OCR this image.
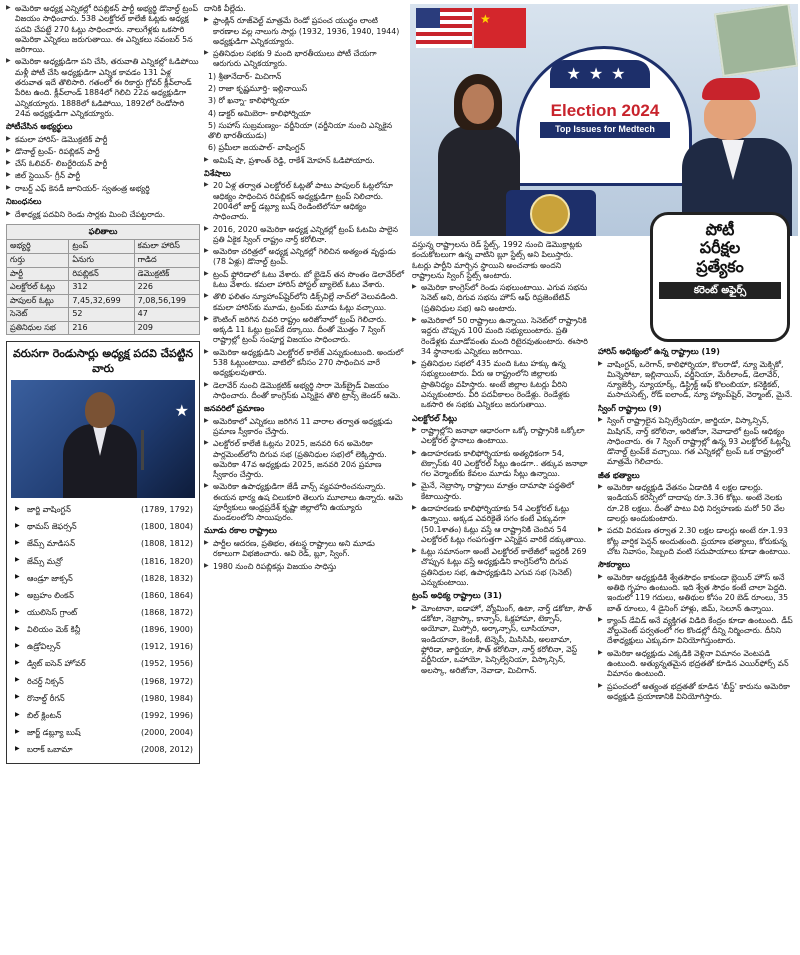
▶ అమెరికా అధ్యక్ష ఎన్నికల్లో రిపబ్లికన్ పార్టీ అభ్యర్థి డొనాల్డ్ ట్రంప్ విజయం సాధించారు. 538 ఎలక్టోరల్ కాలేజీ ఓట్లకు అధ్యక్ష పదవి చేపట్టే 270 ఓట్లు సాధించారు. నాలుగేళ్లకు ఒకసారి అమెరికా ఎన్నికలు జరుగుతాయి. ఈ ఎన్నికలు నవంబర్ 5న జరిగాయి.
▶ అమెరికా అధ్యక్షుడిగా పని చేసి, తరువాతి ఎన్నికల్లో ఓడిపోయి మళ్లీ పోటీ చేసి అధ్యక్షుడిగా ఎన్నిక కావడం 131 ఏళ్ల తరువాత ఇదే తొలిసారి. గతంలో ఈ రికార్డు గ్రోవర్ క్లీవ్‌లాండ్ పేరిట ఉంది. క్లీవ్‌లాండ్ 1884లో గెలిచి 22వ అధ్యక్షుడిగా ఎన్నికయ్యారు. 1888లో ఓడిపోయి, 1892లో రెండోసారి 24వ అధ్యక్షుడిగా ఎన్నికయ్యారు.
పోటీచేసిన అభ్యర్థులు
▶ కమలా హారిస్- డెమొక్రటిక్ పార్టీ
▶ డొనాల్డ్ ట్రంప్- రిపబ్లికన్ పార్టీ
▶ చేస్ ఓలివర్- లిబర్టేరియన్ పార్టీ
▶ జిల్ స్టెయిన్- గ్రీన్ పార్టీ
▶ రాబర్ట్ ఎఫ్ కెనడీ జూనియర్- స్వతంత్ర అభ్యర్థి
నిబంధనలు
▶ దేశాధ్యక్ష పదవిని రెండు సార్లకు మించి చేపట్టరాదు.
ఫలితాలు
అభ్యర్థి	ట్రంప్	కమలా హారిస్
గుర్తు	ఏనుగు	గాడిద
పార్టీ	రిపబ్లికన్	డెమొక్రటిక్
ఎలక్టోరల్ ఓట్లు	312	226
పాపులర్ ఓట్లు	7,45,32,699	7,08,56,199
సెనెట్	52	47
ప్రతినిధుల సభ	216	209
వరుసగా రెండుసార్లు అధ్యక్ష పదవి చేపట్టిన వారు
★
▶ జార్జి వాషింగ్టన్	(1789, 1792)
▶ థామస్ జెఫర్సన్	(1800, 1804)
▶ జేమ్స్ మాడిసన్	(1808, 1812)
▶ జేమ్స్ మన్రో	(1816, 1820)
▶ ఆండ్రూ జాక్సన్	(1828, 1832)
▶ అబ్రహం లింకన్	(1860, 1864)
▶ యులిసెస్ గ్రాంట్	(1868, 1872)
▶ విలియం మెక్ కిన్లీ	(1896, 1900)
▶ ఉడ్రోవిల్సన్	(1912, 1916)
▶ డ్విట్ ఐసెన్ హోవర్	(1952, 1956)
▶ రిచర్డ్ నిక్సన్	(1968, 1972)
▶ రొనాల్డ్ రీగన్	(1980, 1984)
▶ బిల్ క్లింటన్	(1992, 1996)
▶ జార్జ్ డబ్ల్యూ బుష్	(2000, 2004)
▶ బరాక్ ఒబామా	(2008, 2012)

దానికి వీల్లేదు.

▶ ఫ్రాంక్లిన్ రూజ్‌వెల్ట్ మాత్రమే రెండో ప్రపంచ యుద్ధం లాంటి కారణాల వల్ల నాలుగు సార్లు (1932, 1936, 1940, 1944) అధ్యక్షుడిగా ఎన్నికయ్యారు.
▶ ప్రతినిధుల సభకు 9 మంది భారతీయులు పోటీ చేయగా ఆరుగురు ఎన్నికయ్యారు.
1) శ్రీ‌తానేదార్- మిచిగాన్
2) రాజా కృష్ణమూర్తి- ఇల్లినాయిస్
3) రో ఖన్నా- కాలిఫోర్నియా
4) డాక్టర్ అమిబెరా- కాలిఫోర్నియా
5) సుహాస్ సుబ్రమణ్యం- వర్జీనియా (వర్జీనియా నుంచి ఎన్నికైన తొలి భారతీయుడు)
6) ప్రమీలా జయపాల్- వాషింగ్టన్
▶ అమిష్ షా, ప్రశాంత్ రెడ్డి, రాకేశ్ మోహన్ ఓడిపోయారు.
విశేషాలు
▶ 20 ఏళ్ల తర్వాత ఎలక్టోరల్ ఓట్లతో పాటు పాపులర్ ఓట్లలోనూ ఆధిక్యం సాధించిన రిపబ్లికన్ అధ్యక్షుడిగా ట్రంప్ నిలిచారు. 2004లో జార్జ్ డబ్ల్యూ బుష్ రెండింటిలోనూ ఆధిక్యం సాధించారు.
▶ 2016, 2020 అమెరికా అధ్యక్ష ఎన్నికల్లో ట్రంప్ ఓటమి పాలైన ప్రతి ఏకైక స్వింగ్ రాష్ట్రం నార్త్ కరోలినా.
▶ అమెరికా చరిత్రలో అధ్యక్ష ఎన్నికల్లో గెలిచిన అత్యంత వృద్ధుడు (78 ఏళ్లు) డొనాల్డ్ ట్రంప్.
▶ ట్రంప్ ఫ్లోరిడాలో ఓటు వేశారు. బో బైడెన్ తన సొంతం డెలావేర్‌లో ఓటు వేశారు. కమలా హారిస్ పోస్టల్ బ్యాలెట్ ఓటు వేశారు.
▶ తొలి ఫలితం న్యూహాంప్‌షైర్‌లోని డిక్స్‌విల్లే నాచ్‌లో వెలువడింది. కమలా హారిస్‌కు మూడు, ట్రంప్‌కు మూడు ఓట్లు వచ్చాయి.
▶ కౌంటింగ్ జరిగిన చివరి రాష్ట్రం అరిజోనాలో ట్రంప్ గెలిచారు. అక్కడి 11 ఓట్లు ట్రంప్‌కే దక్కాయి. దీంతో మొత్తం 7 స్వింగ్ రాష్ట్రాల్లో ట్రంప్ సంపూర్ణ విజయం సాధించారు.
▶ అమెరికా అధ్యక్షుడిని ఎలక్టోరల్ కాలేజ్ ఎన్నుకుంటుంది. అందులో 538 ఓట్లుంటాయి. వాటిలో కనీసం 270 సాధించిన వారే అధ్యక్షులవుతారు.
▶ డెలావేర్ నుంచి డెమొక్రటిక్ అభ్యర్థి సారా మెక్‌బ్రైడ్ విజయం సాధించారు. దీంతో కాంగ్రెస్‌కు ఎన్నికైన తొలి ట్రాన్స్ జెండర్ ఆమె.
జనవరిలో ప్రమాణం
▶ అమెరికాలో ఎన్నికలు జరిగిన 11 వారాల తర్వాత అధ్యక్షుడు ప్రమాణ స్వీకారం చేస్తారు.
▶ ఎలక్టోరల్ కాలేజీ ఓట్లను 2025, జనవరి 6న అమెరికా పార్లమెంట్‌లోని దిగువ సభ (ప్రతినిధుల సభ)లో లెక్కిస్తారు. అమెరికా 47వ అధ్యక్షుడు 2025, జనవరి 20న ప్రమాణ స్వీకారం చేస్తారు.
▶ అమెరికా ఉపాధ్యక్షుడిగా జేడీ వాన్స్ వ్యవహరించనున్నారు. ఈయన భార్య ఉష చిలుకూరి తెలుగు మూలాలు ఉన్నారు. ఆమె పూర్వీకులు ఆంధ్రప్రదేశ్ కృష్ణా జిల్లాలోని ఉయ్యూరు మండలంలోని సాయిపురం.
మూడు రకాల రాష్ట్రాలు
▶ పార్టీల ఆదరణ, ప్రతిభల, తటస్థ రాష్ట్రాలు అని మూడు రకాలుగా విభజించారు. అవి రెడ్, బ్లూ, స్వింగ్.
▶ 1980 నుంచి రిపబ్లికన్లు విజయం సాధిస్తు
★
★★★
Election 2024
Top Issues for Medtech
పోటీ
పరీక్షల
ప్రత్యేకం
కరెంట్ అఫైర్స్

వస్తున్న రాష్ట్రాలను రెడ్ స్టేట్స్, 1992 నుంచి డెమొక్రాట్లకు కంచుకోటలుగా ఉన్న వాటిని బ్లూ స్టేట్స్ అని పిలుస్తారు. ఓటర్లు పార్టీని మార్చిన స్థాయిని అంచనాకు అందని రాష్ట్రాలను స్వింగ్ స్టేట్స్ అంటారు.

▶ అమెరికా కాంగ్రెస్‌లో రెండు సభలుంటాయి. ఎగువ సభను సెనెట్ అని, దిగువ సభను హౌస్ ఆఫ్ రిప్రజెంటేటివ్ (ప్రతినిధుల సభ) అని అంటారు.
▶ అమెరికాలో 50 రాష్ట్రాలు ఉన్నాయి. సెనెట్‌లో రాష్ట్రానికి ఇద్దరు చొప్పున 100 మంది సభ్యులుంటారు. ప్రతి రెండేళ్లకు మూడోవంతు మంది రిటైరవుతుంటారు. ఈసారి 34 స్థానాలకు ఎన్నికలు జరిగాయి.
▶ ప్రతినిధుల సభలో 435 మంది ఓటు హక్కు ఉన్న సభ్యులుంటారు. వీరు ఆ రాష్ట్రంలోని జిల్లాలకు ప్రాతినిధ్యం వహిస్తారు. అంటే జిల్లాల ఓటర్లు వీరిని ఎన్నుకుంటారు. వీరి పదవీకాలం రెండేళ్లు. రెండేళ్లకు ఒకసారి ఈ సభకు ఎన్నికలు జరుగుతాయి.
ఎలక్టోరల్ సీట్లు
▶ రాష్ట్రాల్లోని జనాభా ఆధారంగా ఒక్కో రాష్ట్రానికి ఒక్కోలా ఎలక్టోరల్ స్థానాలు ఉంటాయి.
▶ ఉదాహరణకు కాలిఫోర్నియాకు అత్యధికంగా 54, టెక్సాస్‌కు 40 ఎలక్టోరల్ సీట్లు ఉండగా.. తక్కువ జనాభా గల వెర్మాంట్‌కు కేవలం మూడు సీట్లు ఉన్నాయి.
▶ మైనే, నెబ్రాస్కా రాష్ట్రాలు మాత్రం దామాషా పద్ధతిలో కేటాయిస్తారు.
▶ ఉదాహరణకు కాలిఫోర్నియాకు 54 ఎలక్టోరల్ ఓట్లు ఉన్నాయి. అక్కడ ఎవరికైతే సగం కంటే ఎక్కువగా (50.1శాతం) ఓట్లు వస్తే ఆ రాష్ట్రానికి చెందిన 54 ఎలక్టోరల్ ఓట్లు గంపగుత్తగా ఎన్నికైన వారికే దక్కుతాయి.
▶ ఓట్లు సమానంగా అంటే ఎలక్టోరల్ కాలేజీలో ఇద్దరికీ 269 చొప్పున ఓట్లు వస్తే అధ్యక్షుడిని కాంగ్రెస్‌లోని దిగువ ప్రతినిధుల సభ, ఉపాధ్యక్షుడిని ఎగువ సభ (సెనెట్) ఎన్నుకుంటాయి.
ట్రంప్ అధిక్య రాష్ట్రాలు (31)
▶ మోంటానా, ఐడాహో, వ్యోమింగ్, ఉటా, నార్త్ డకోటా, సౌత్ డకోటా, నెబ్రాస్కా, కాన్సాస్, ఓక్లహామా, టెక్సాస్, అయోవా, మిస్సోరి, అర్కాన్సాస్, లూసియానా, ఇండియానా, కెంటకీ, టెన్నెసీ, మిసిసిపి, అలబామా, ఫ్లోరిడా, జార్జియా, సౌత్ కరోలినా, నార్త్ కరోలినా, వెస్ట్ వర్జీనియా, ఒహాయో, పెన్సిల్వేనియా, విస్కాన్సిన్, అలస్కా, అరిజోనా, నెవాడా, మిచిగాన్.
హారిస్ అధిక్యంలో ఉన్న రాష్ట్రాలు (19)
▶ వాషింగ్టన్, ఒరెగాన్, కాలిఫోర్నియా, కొలరాడో, న్యూ మెక్సికో, మిన్నెసోటా, ఇల్లినాయిస్, వర్జీనియా, మేరీలాండ్, డెలావేర్, న్యూజెర్సీ, న్యూయార్క్, డిస్ట్రిక్ట్ ఆఫ్ కొలంబియా, కనెక్టికట్, మసాచుసెట్స్, రోడ్ ఐలాండ్, న్యూ హ్యాంప్‌షైర్, వెర్మాంట్, మైనే.
స్వింగ్ రాష్ట్రాలు (9)
▶ స్వింగ్ రాష్ట్రాలైన పెన్సిల్వేనియా, జార్జియా, విస్కాన్సిన్, మిషిగన్, నార్త్ కరోలినా, అరిజోనా, నెవాడాలో ట్రంప్ ఆధిక్యం సాధించారు. ఈ 7 స్వింగ్ రాష్ట్రాల్లో ఉన్న 93 ఎలక్టోరల్ ఓట్లన్నీ డొనాల్డ్ ట్రంప్‌కే వచ్చాయి. గత ఎన్నికల్లో ట్రంప్ ఒక రాష్ట్రంలో మాత్రమే గెలిచారు.
జీత భత్యాలు
▶ అమెరికా అధ్యక్షుడి వేతనం ఏడాదికి 4 లక్షల డాలర్లు. ఇండియన్ కరెన్సీలో దాదాపు రూ.3.36 కోట్లు. అంటే నెలకు రూ.28 లక్షలు. దీంతో పాటు విధి నిర్వహణకు మరో 50 వేల డాలర్లు అందుకుంటారు.
▶ పదవి విరమణ తర్వాత 2.30 లక్షల డాలర్లు అంటే రూ.1.93 కోట్ల వార్షిక పెన్షన్ అందుతుంది. ప్రయాణ భత్యాలు, కోరుకున్న చోట నివాసం, సిబ్బంది వంటి సదుపాయాలు కూడా ఉంటాయి.
సౌకర్యాలు
▶ అమెరికా అధ్యక్షుడికి శ్వేతసౌధం కాకుండా బ్లెయిర్ హౌస్ అనే అతిథి గృహం ఉంటుంది. ఇది శ్వేత సౌధం కంటే చాలా పెద్దది. ఇందులో 119 గదులు, అతిథుల కోసం 20 బెడ్ రూంలు, 35 బాత్ రూంలు, 4 డైనింగ్ హాళ్లు, జిమ్, సెలూన్ ఉన్నాయి.
▶ క్యాంప్ డేవిడ్ అనే వ్యక్తిగత విడిది కేంద్రం కూడా ఉంటుంది. డీప్ వోల్డువెంట్ పర్వతంలో గల కొండల్లో దీన్ని నిర్మించారు. దీనిని దేశాధ్యక్షులు ఎక్కువగా వినియోగిస్తుంటారు.
▶ అమెరికా అధ్యక్షుడు ఎక్కడికి వెళ్లినా విమానం వెంటపడి ఉంటుంది. అత్యున్నతమైన భద్రతతో కూడిన ఎయిర్‌ఫోర్స్ వన్ విమానం ఉంటుంది.
▶ ప్రపంచంలో అత్యంత భద్రతతో కూడిన 'బీస్ట్' కారును అమెరికా అధ్యక్షుడి ప్రయాణానికి వినియోగిస్తారు.
